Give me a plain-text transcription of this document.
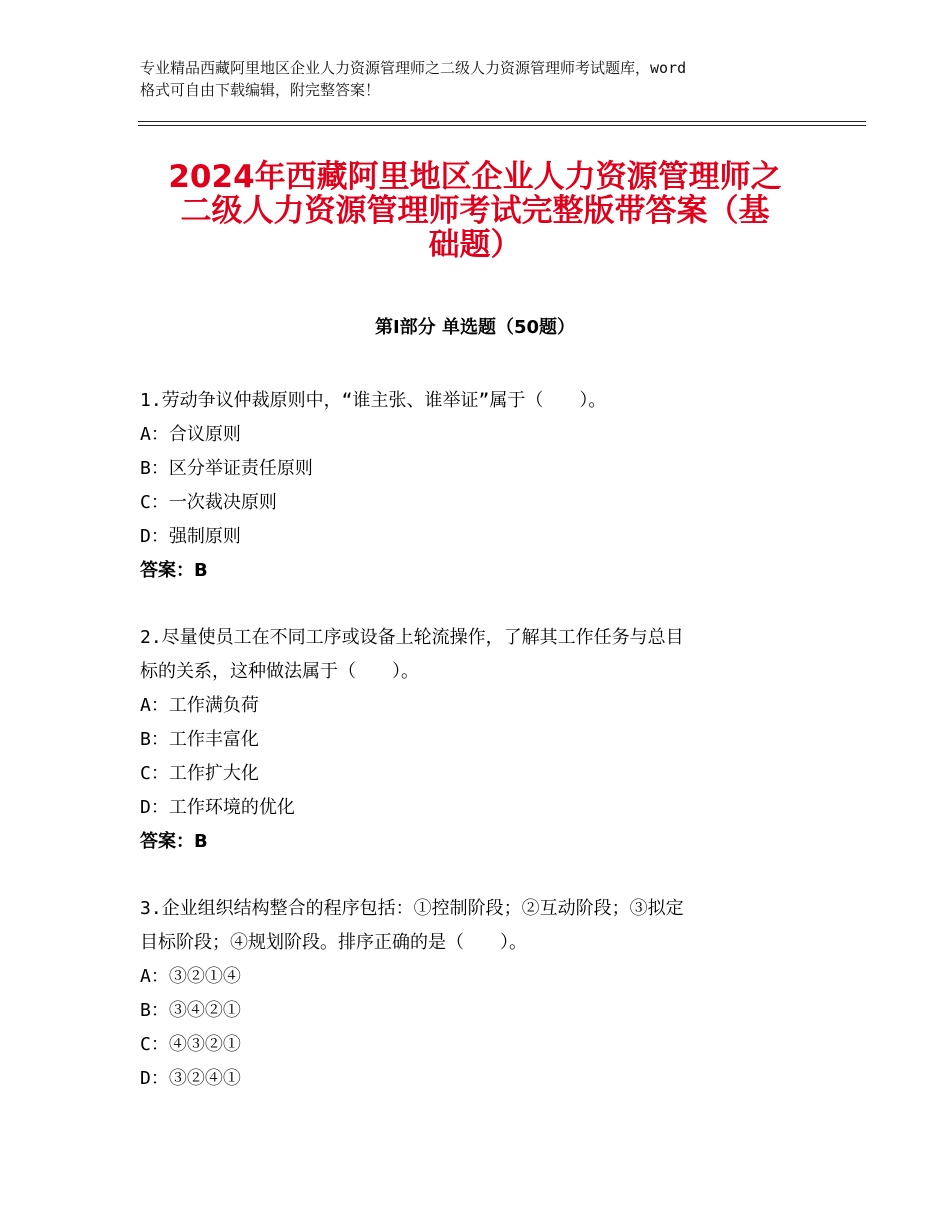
专业精品西藏阿里地区企业人力资源管理师之二级人力资源管理师考试题库，word
格式可自由下载编辑，附完整答案！
2024年西藏阿里地区企业人力资源管理师之
二级人力资源管理师考试完整版带答案（基
础题）
第Ⅰ部分 单选题（50题）
1.劳动争议仲裁原则中，“谁主张、谁举证”属于（　　）。
A：合议原则
B：区分举证责任原则
C：一次裁决原则
D：强制原则
答案：B
2.尽量使员工在不同工序或设备上轮流操作，了解其工作任务与总目
标的关系，这种做法属于（　　）。
A：工作满负荷
B：工作丰富化
C：工作扩大化
D：工作环境的优化
答案：B
3.企业组织结构整合的程序包括：①控制阶段；②互动阶段；③拟定
目标阶段；④规划阶段。排序正确的是（　　）。
A：③②①④
B：③④②①
C：④③②①
D：③②④①
